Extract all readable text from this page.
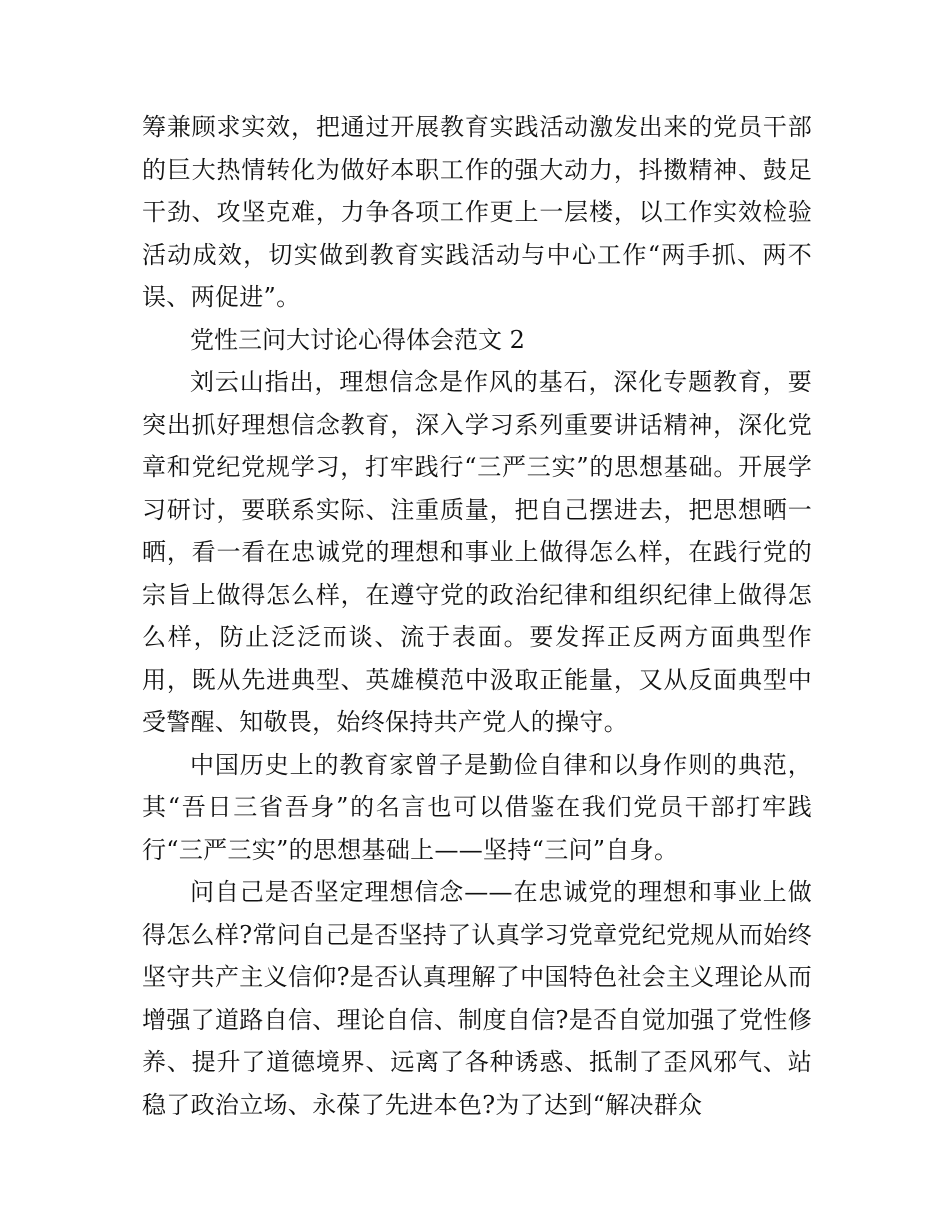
筹兼顾求实效，把通过开展教育实践活动激发出来的党员干部的巨大热情转化为做好本职工作的强大动力，抖擞精神、鼓足干劲、攻坚克难，力争各项工作更上一层楼，以工作实效检验活动成效，切实做到教育实践活动与中心工作“两手抓、两不误、两促进”。

党性三问大讨论心得体会范文 2

刘云山指出，理想信念是作风的基石，深化专题教育，要突出抓好理想信念教育，深入学习系列重要讲话精神，深化党章和党纪党规学习，打牢践行“三严三实”的思想基础。开展学习研讨，要联系实际、注重质量，把自己摆进去，把思想晒一晒，看一看在忠诚党的理想和事业上做得怎么样，在践行党的宗旨上做得怎么样，在遵守党的政治纪律和组织纪律上做得怎么样，防止泛泛而谈、流于表面。要发挥正反两方面典型作用，既从先进典型、英雄模范中汲取正能量，又从反面典型中受警醒、知敬畏，始终保持共产党人的操守。

中国历史上的教育家曾子是勤俭自律和以身作则的典范，其“吾日三省吾身”的名言也可以借鉴在我们党员干部打牢践行“三严三实”的思想基础上——坚持“三问”自身。

问自己是否坚定理想信念——在忠诚党的理想和事业上做得怎么样?常问自己是否坚持了认真学习党章党纪党规从而始终坚守共产主义信仰?是否认真理解了中国特色社会主义理论从而增强了道路自信、理论自信、制度自信?是否自觉加强了党性修养、提升了道德境界、远离了各种诱惑、抵制了歪风邪气、站稳了政治立场、永葆了先进本色?为了达到“解决群众
